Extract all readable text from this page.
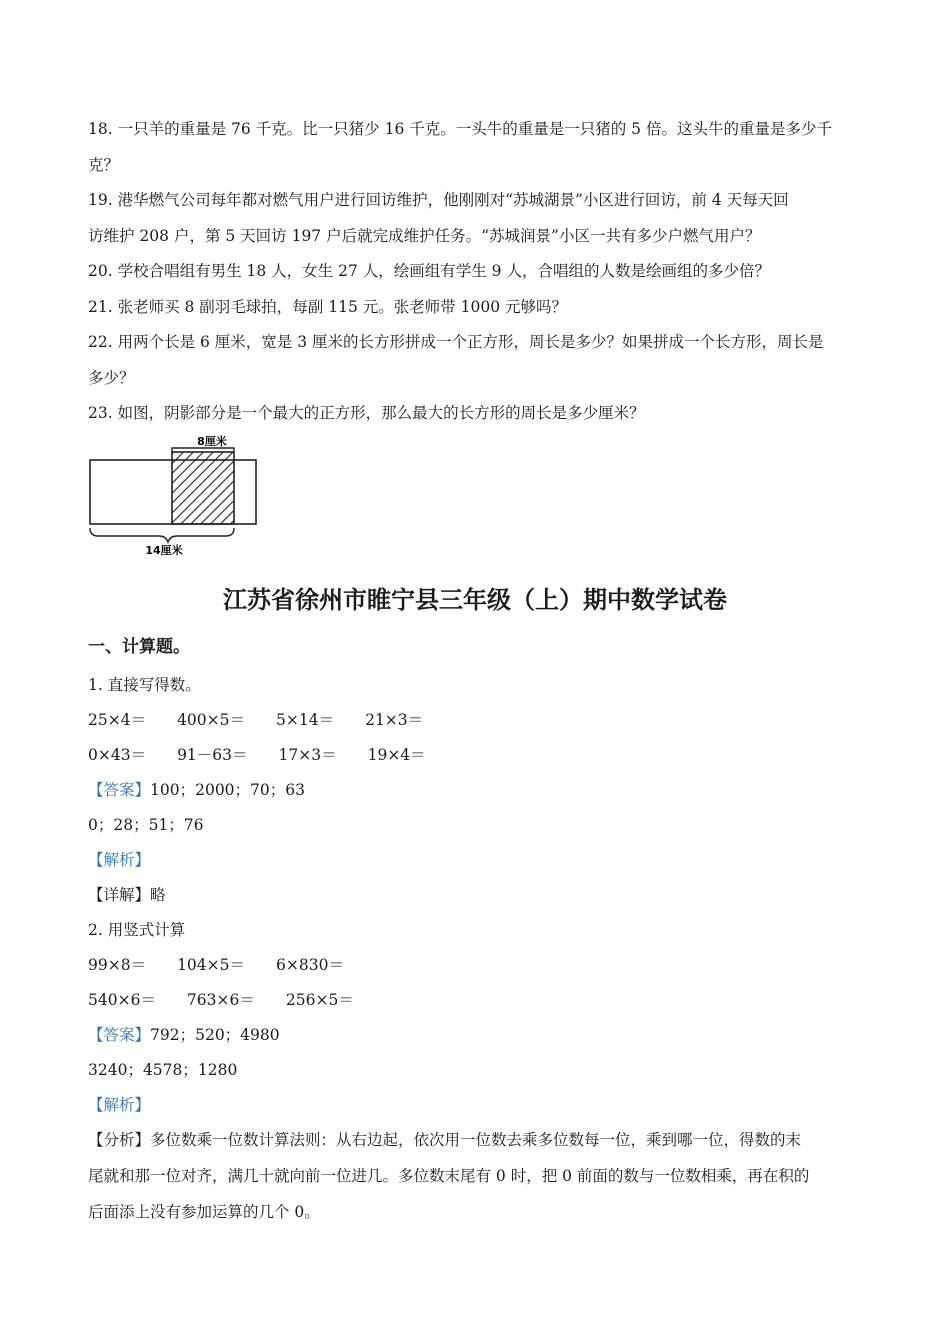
18. 一只羊的重量是 76 千克。比一只猪少 16 千克。一头牛的重量是一只猪的 5 倍。这头牛的重量是多少千

克？

19. 港华燃气公司每年都对燃气用户进行回访维护，他刚刚对“苏城湖景”小区进行回访，前 4 天每天回

访维护 208 户，第 5 天回访 197 户后就完成维护任务。“苏城润景”小区一共有多少户燃气用户？

20. 学校合唱组有男生 18 人，女生 27 人，绘画组有学生 9 人，合唱组的人数是绘画组的多少倍？

21. 张老师买 8 副羽毛球拍，每副 115 元。张老师带 1000 元够吗？

22. 用两个长是 6 厘米，宽是 3 厘米的长方形拼成一个正方形，周长是多少？如果拼成一个长方形，周长是

多少？

23. 如图，阴影部分是一个最大的正方形，那么最大的长方形的周长是多少厘米？

8厘米
14厘米
江苏省徐州市睢宁县三年级（上）期中数学试卷
一、计算题。

1. 直接写得数。

25×4＝　　400×5＝　　5×14＝　　21×3＝

0×43＝　　91－63＝　　17×3＝　　19×4＝

【答案】100；2000；70；63

0；28；51；76

【解析】

【详解】略

2. 用竖式计算

99×8＝　　104×5＝　　6×830＝

540×6＝　　763×6＝　　256×5＝

【答案】792；520；4980

3240；4578；1280

【解析】

【分析】多位数乘一位数计算法则：从右边起，依次用一位数去乘多位数每一位，乘到哪一位，得数的末

尾就和那一位对齐，满几十就向前一位进几。多位数末尾有 0 时，把 0 前面的数与一位数相乘，再在积的

后面添上没有参加运算的几个 0。
